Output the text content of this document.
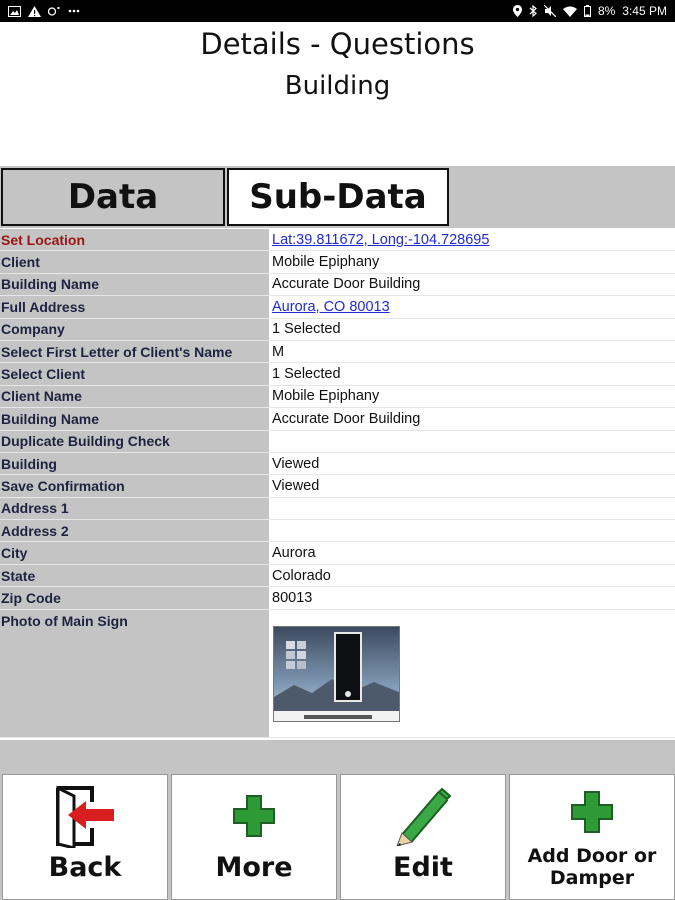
8% 3:45 PM
Details - Questions
Building
Data	Sub-Data
Set Location	Lat:39.811672, Long:-104.728695
Client	Mobile Epiphany
Building Name	Accurate Door Building
Full Address	Aurora, CO 80013
Company	1 Selected
Select First Letter of Client's Name	M
Select Client	1 Selected
Client Name	Mobile Epiphany
Building Name	Accurate Door Building
Duplicate Building Check
Building	Viewed
Save Confirmation	Viewed
Address 1
Address 2
City	Aurora
State	Colorado
Zip Code	80013
Photo of Main Sign
Back	More	Edit	Add Door or Damper
